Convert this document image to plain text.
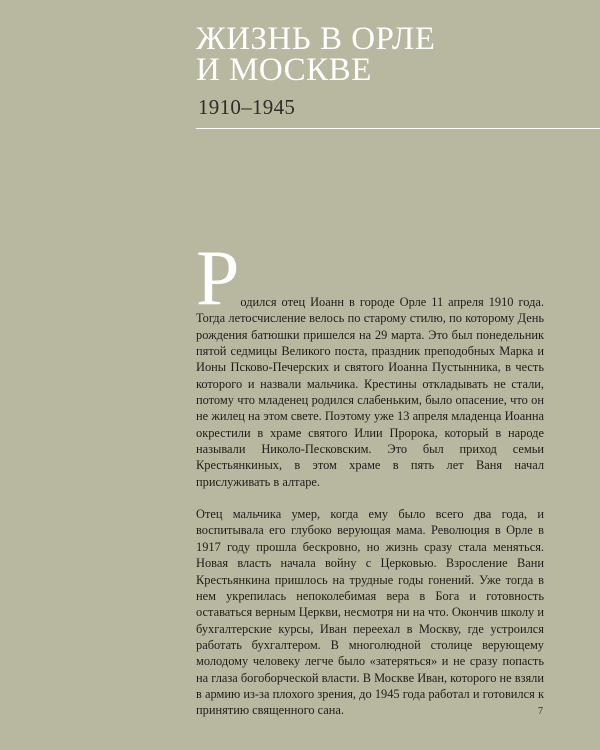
ЖИЗНЬ В ОРЛЕ
И МОСКВЕ
1910–1945

Р одился отец Иоанн в городе Орле 11 апреля 1910 года. Тогда летосчисление велось по старому стилю, по которому День рождения батюшки пришелся на 29 марта. Это был понедельник пятой седмицы Великого поста, праздник преподобных Марка и Ионы Псково-Печерских и святого Иоанна Пустынника, в честь которого и назвали мальчика. Крестины откладывать не стали, потому что младенец родился слабеньким, было опасение, что он не жилец на этом свете. Поэтому уже 13 апреля младенца Иоанна окрестили в храме святого Илии Пророка, который в народе называли Николо-Песковским. Это был приход семьи Крестьянкиных, в этом храме в пять лет Ваня начал прислуживать в алтаре.

Отец мальчика умер, когда ему было всего два года, и воспитывала его глубоко верующая мама. Революция в Орле в 1917 году прошла бескровно, но жизнь сразу стала меняться. Новая власть начала войну с Церковью. Взросление Вани Крестьянкина пришлось на трудные годы гонений. Уже тогда в нем укрепилась непоколебимая вера в Бога и готовность оставаться верным Церкви, несмотря ни на что. Окончив школу и бухгалтерские курсы, Иван переехал в Москву, где устроился работать бухгалтером. В многолюдной столице верующему молодому человеку легче было «затеряться» и не сразу попасть на глаза богоборческой власти. В Москве Иван, которого не взяли в армию из-за плохого зрения, до 1945 года работал и готовился к принятию священного сана.	7
